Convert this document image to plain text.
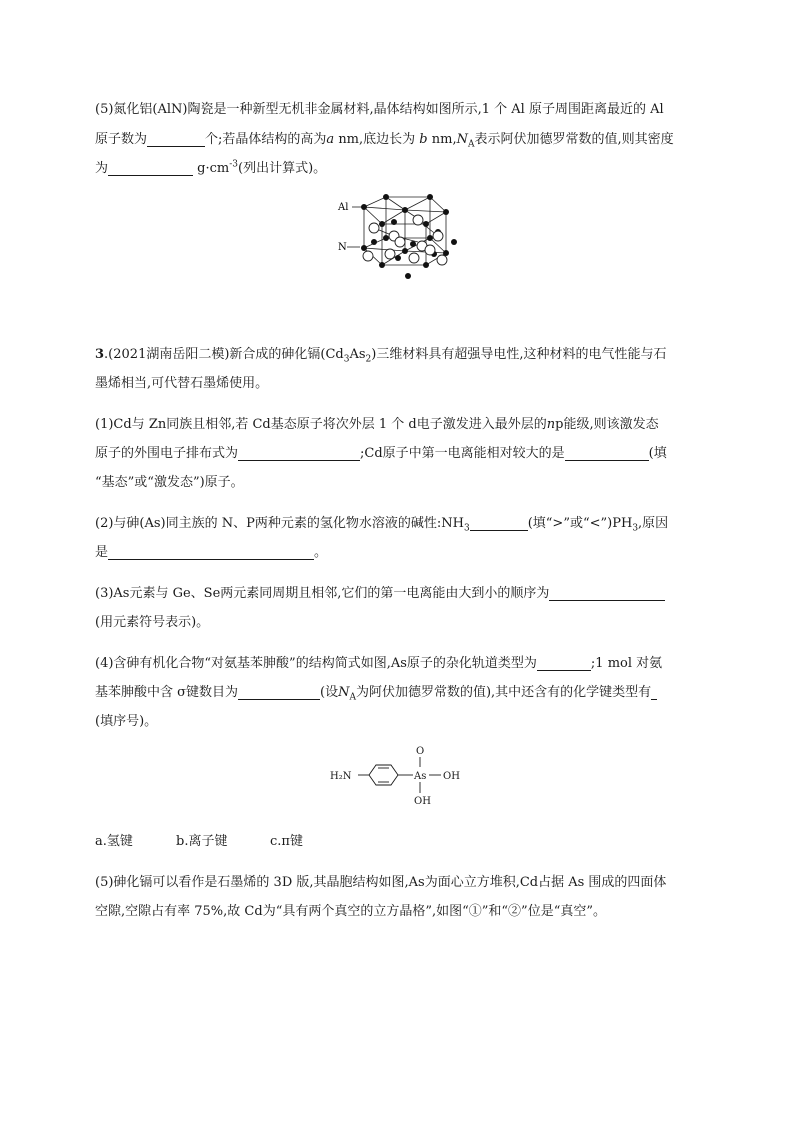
(5)氮化铝(AlN)陶瓷是一种新型无机非金属材料,晶体结构如图所示,1 个 Al 原子周围距离最近的 Al
原子数为	个;若晶体结构的高为a nm,底边长为 b $nm,N_A$表示阿伏加德罗常数的值,则其密度
为	$g\cdot cm^{-3}$(列出计算式)。
Al
N
3.(2021湖南岳阳二模)新合成的砷化镉$(Cd_3As_2)$三维材料具有超强导电性,这种材料的电气性能与石
墨烯相当,可代替石墨烯使用。
(1)Cd与 Zn同族且相邻,若 Cd基态原子将次外层 1 个 d电子激发进入最外层的np能级,则该激发态
原子的外围电子排布式为	;Cd原子中第一电离能相对较大的是	(填
“基态”或“激发态”)原子。
(2)与砷(As)同主族的 N、P两种元素的氢化物水溶液的碱性$:NH_3$	(填“>”或“$<”)PH_3$,原因
是	。
(3)As元素与 Ge、Se两元素同周期且相邻,它们的第一电离能由大到小的顺序为
(用元素符号表示)。
(4)含砷有机化合物“对氨基苯胂酸”的结构简式如图,As原子的杂化轨道类型为	;1 mol 对氨
基苯胂酸中含 σ键数目为	(设$N_A$为阿伏加德罗常数的值),其中还含有的化学键类型有
(填序号)。
H₂N	As
O
OH
OH
a.氢键	b.离子键	c.π键
(5)砷化镉可以看作是石墨烯的 3D 版,其晶胞结构如图,As为面心立方堆积,Cd占据 As 围成的四面体
空隙,空隙占有率 75%,故 Cd为“具有两个真空的立方晶格”,如图“①”和“②”位是“真空”。
